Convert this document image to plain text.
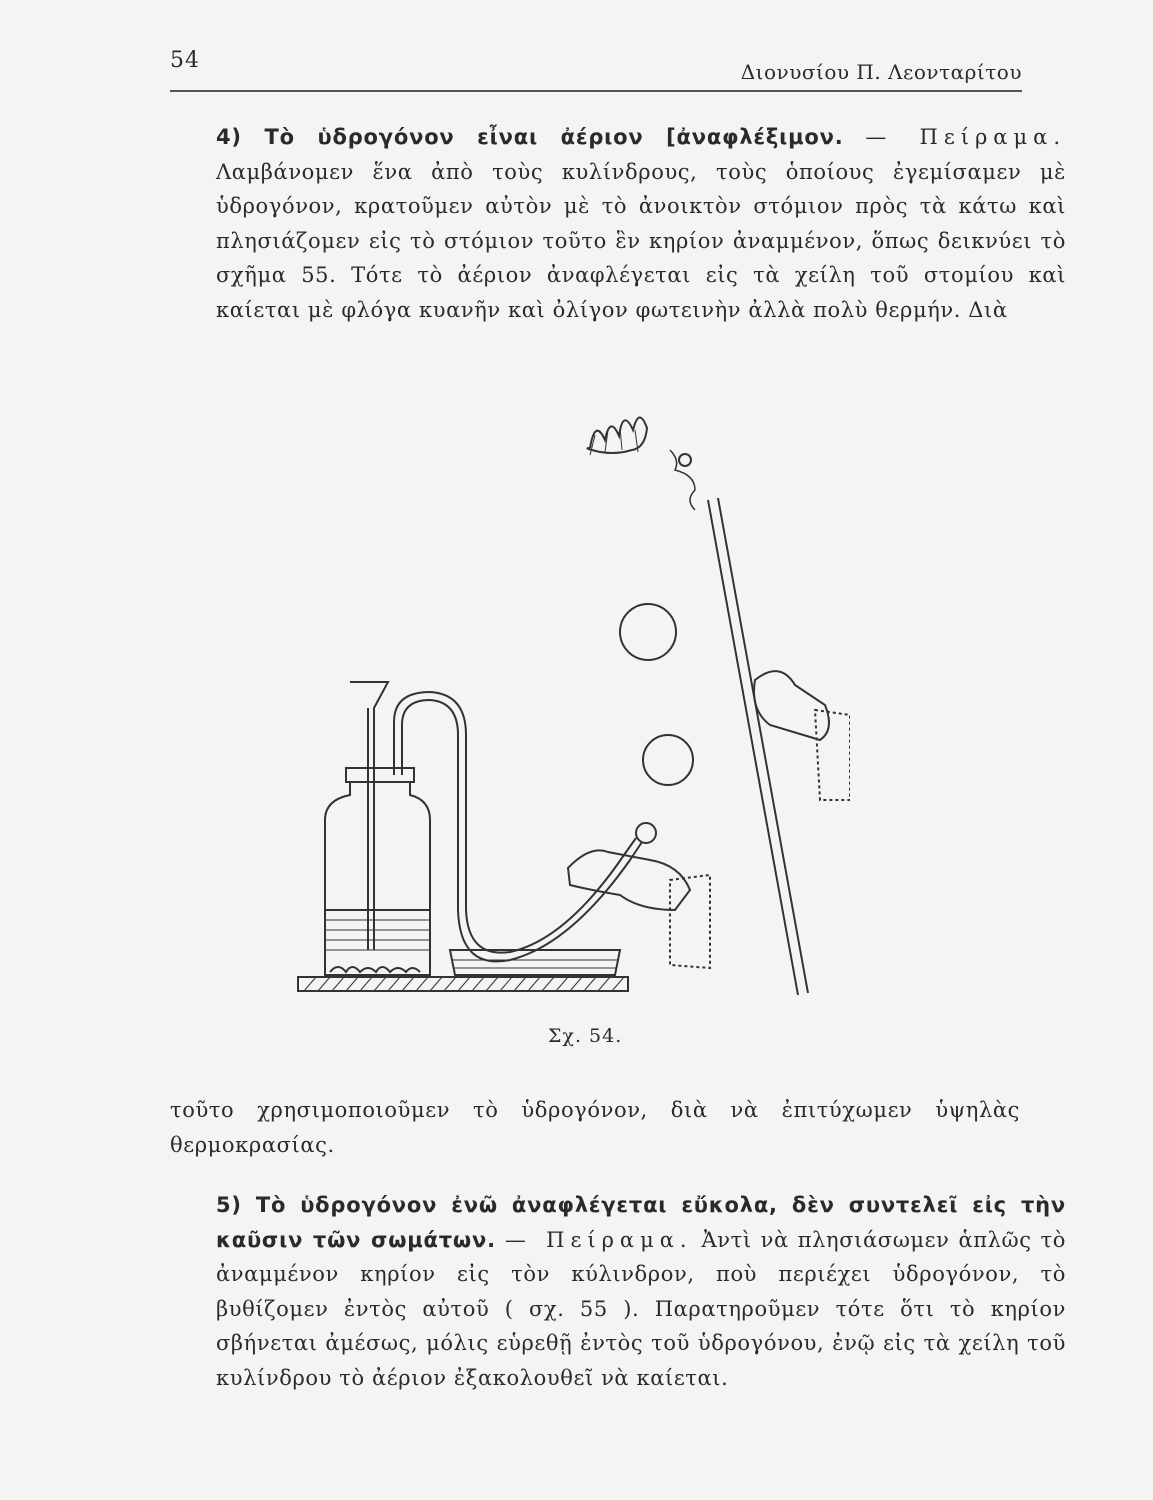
54	Διονυσίου Π. Λεονταρίτου
4) Τὸ ὑδρογόνον εἶναι ἀέριον [ἀναφλέξιμον. — Πείραμα. Λαμβάνομεν ἕνα ἀπὸ τοὺς κυλίνδρους, τοὺς ὁποίους ἐγεμίσαμεν μὲ ὑδρογόνον, κρατοῦμεν αὐτὸν μὲ τὸ ἀνοικτὸν στόμιον πρὸς τὰ κάτω καὶ πλησιάζομεν εἰς τὸ στόμιον τοῦτο ἓν κηρίον ἀναμμένον, ὅπως δεικνύει τὸ σχῆμα 55. Τότε τὸ ἀέριον ἀναφλέγεται εἰς τὰ χείλη τοῦ στομίου καὶ καίεται μὲ φλόγα κυανῆν καὶ ὀλίγον φωτεινὴν ἀλλὰ πολὺ θερμήν. Διὰ
Σχ. 54.
τοῦτο χρησιμοποιοῦμεν τὸ ὑδρογόνον, διὰ νὰ ἐπιτύχωμεν ὑψηλὰς θερμοκρασίας.
5) Τὸ ὑδρογόνον ἐνῶ ἀναφλέγεται εὔκολα, δὲν συντελεῖ εἰς τὴν καῦσιν τῶν σωμάτων. — Πείραμα. Ἀντὶ νὰ πλησιάσωμεν ἁπλῶς τὸ ἀναμμένον κηρίον εἰς τὸν κύλινδρον, ποὺ περιέχει ὑδρογόνον, τὸ βυθίζομεν ἐντὸς αὐτοῦ ( σχ. 55 ). Παρατηροῦμεν τότε ὅτι τὸ κηρίον σβήνεται ἀμέσως, μόλις εὑρεθῇ ἐντὸς τοῦ ὑδρογόνου, ἐνῷ εἰς τὰ χείλη τοῦ κυλίνδρου τὸ ἀέριον ἐξακολουθεῖ νὰ καίεται.
